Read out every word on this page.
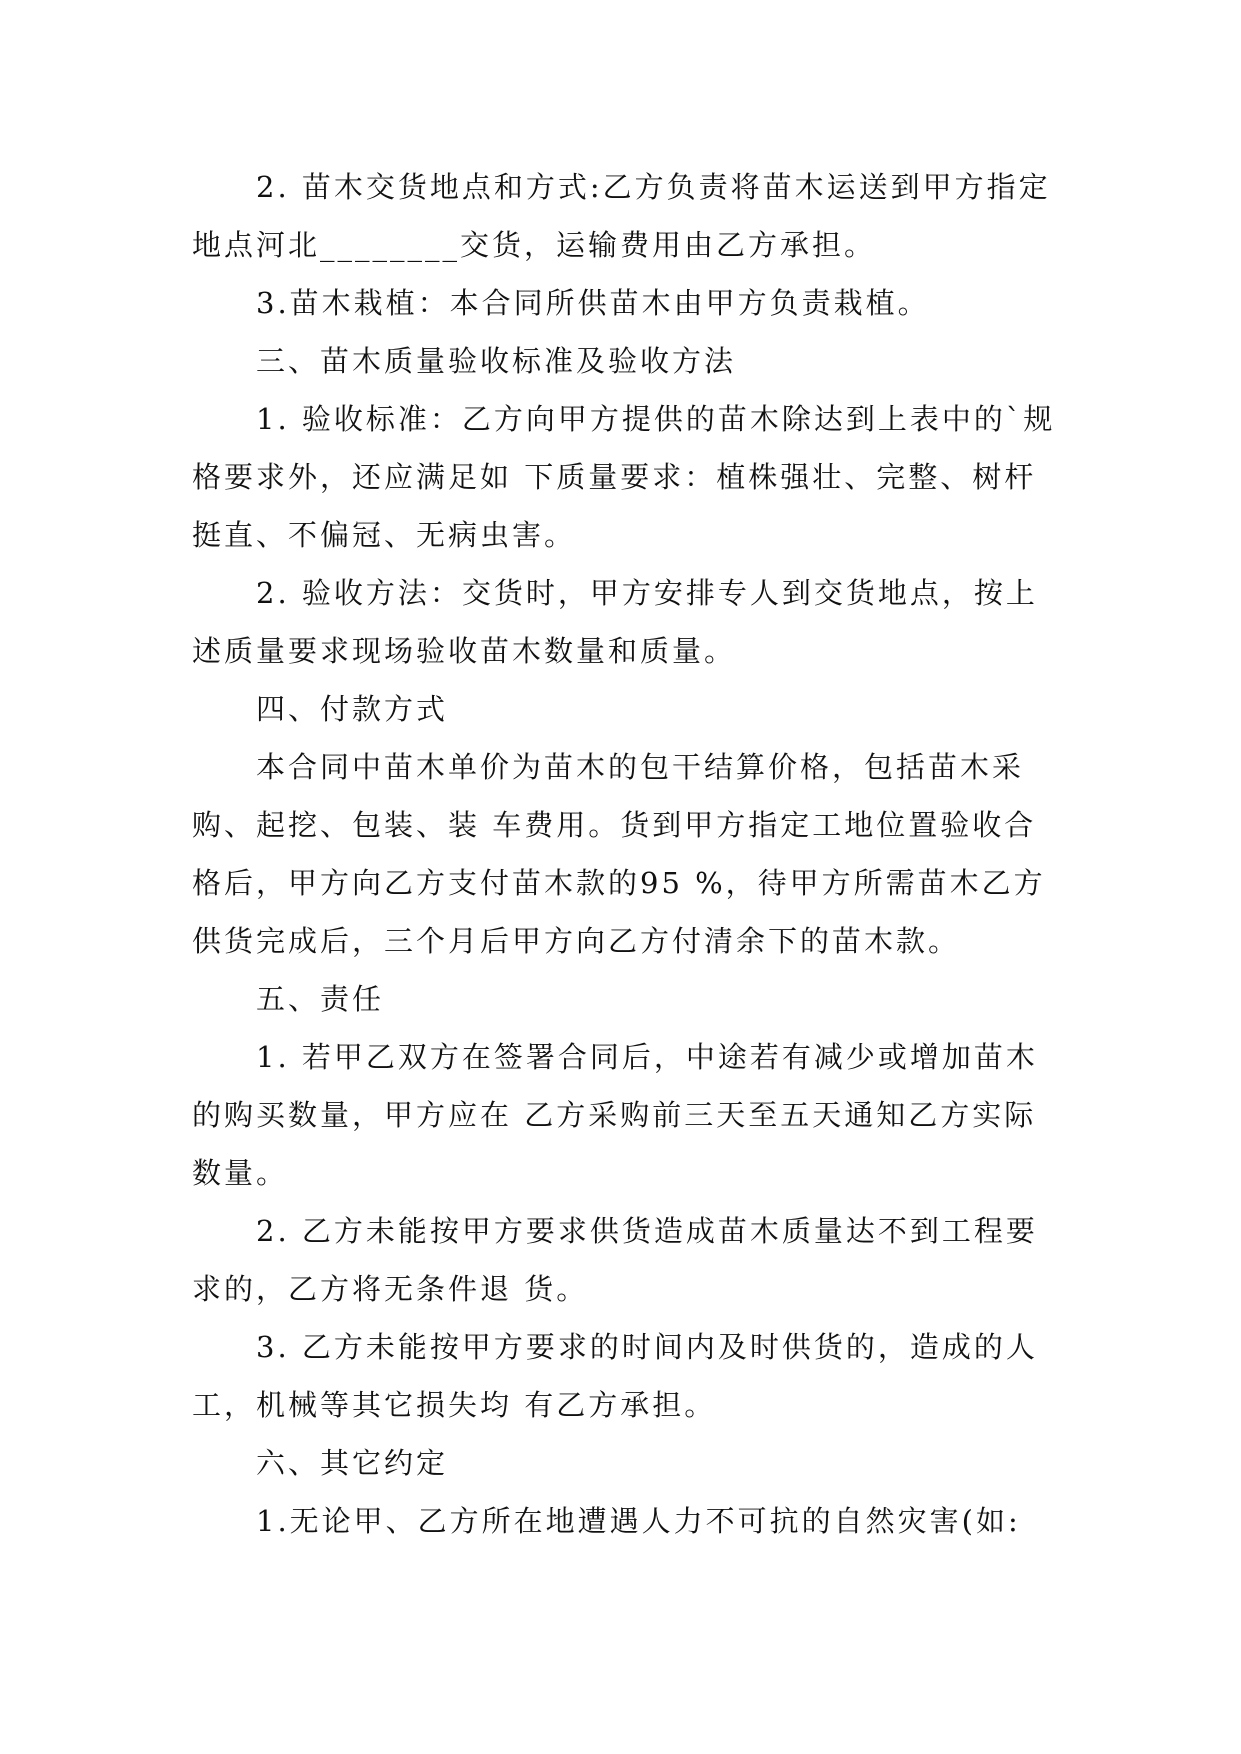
2. 苗木交货地点和方式:乙方负责将苗木运送到甲方指定地点河北________交货，运输费用由乙方承担。

3.苗木栽植：本合同所供苗木由甲方负责栽植。

三、苗木质量验收标准及验收方法

1. 验收标准：乙方向甲方提供的苗木除达到上表中的`规格要求外，还应满足如 下质量要求：植株强壮、完整、树杆挺直、不偏冠、无病虫害。

2. 验收方法：交货时，甲方安排专人到交货地点，按上述质量要求现场验收苗木数量和质量。

四、付款方式

本合同中苗木单价为苗木的包干结算价格，包括苗木采购、起挖、包装、装 车费用。货到甲方指定工地位置验收合格后，甲方向乙方支付苗木款的95 %，待甲方所需苗木乙方供货完成后，三个月后甲方向乙方付清余下的苗木款。

五、责任

1. 若甲乙双方在签署合同后，中途若有减少或增加苗木的购买数量，甲方应在 乙方采购前三天至五天通知乙方实际数量。

2. 乙方未能按甲方要求供货造成苗木质量达不到工程要求的，乙方将无条件退 货。

3. 乙方未能按甲方要求的时间内及时供货的，造成的人工，机械等其它损失均 有乙方承担。

六、其它约定

1.无论甲、乙方所在地遭遇人力不可抗的自然灾害(如:
